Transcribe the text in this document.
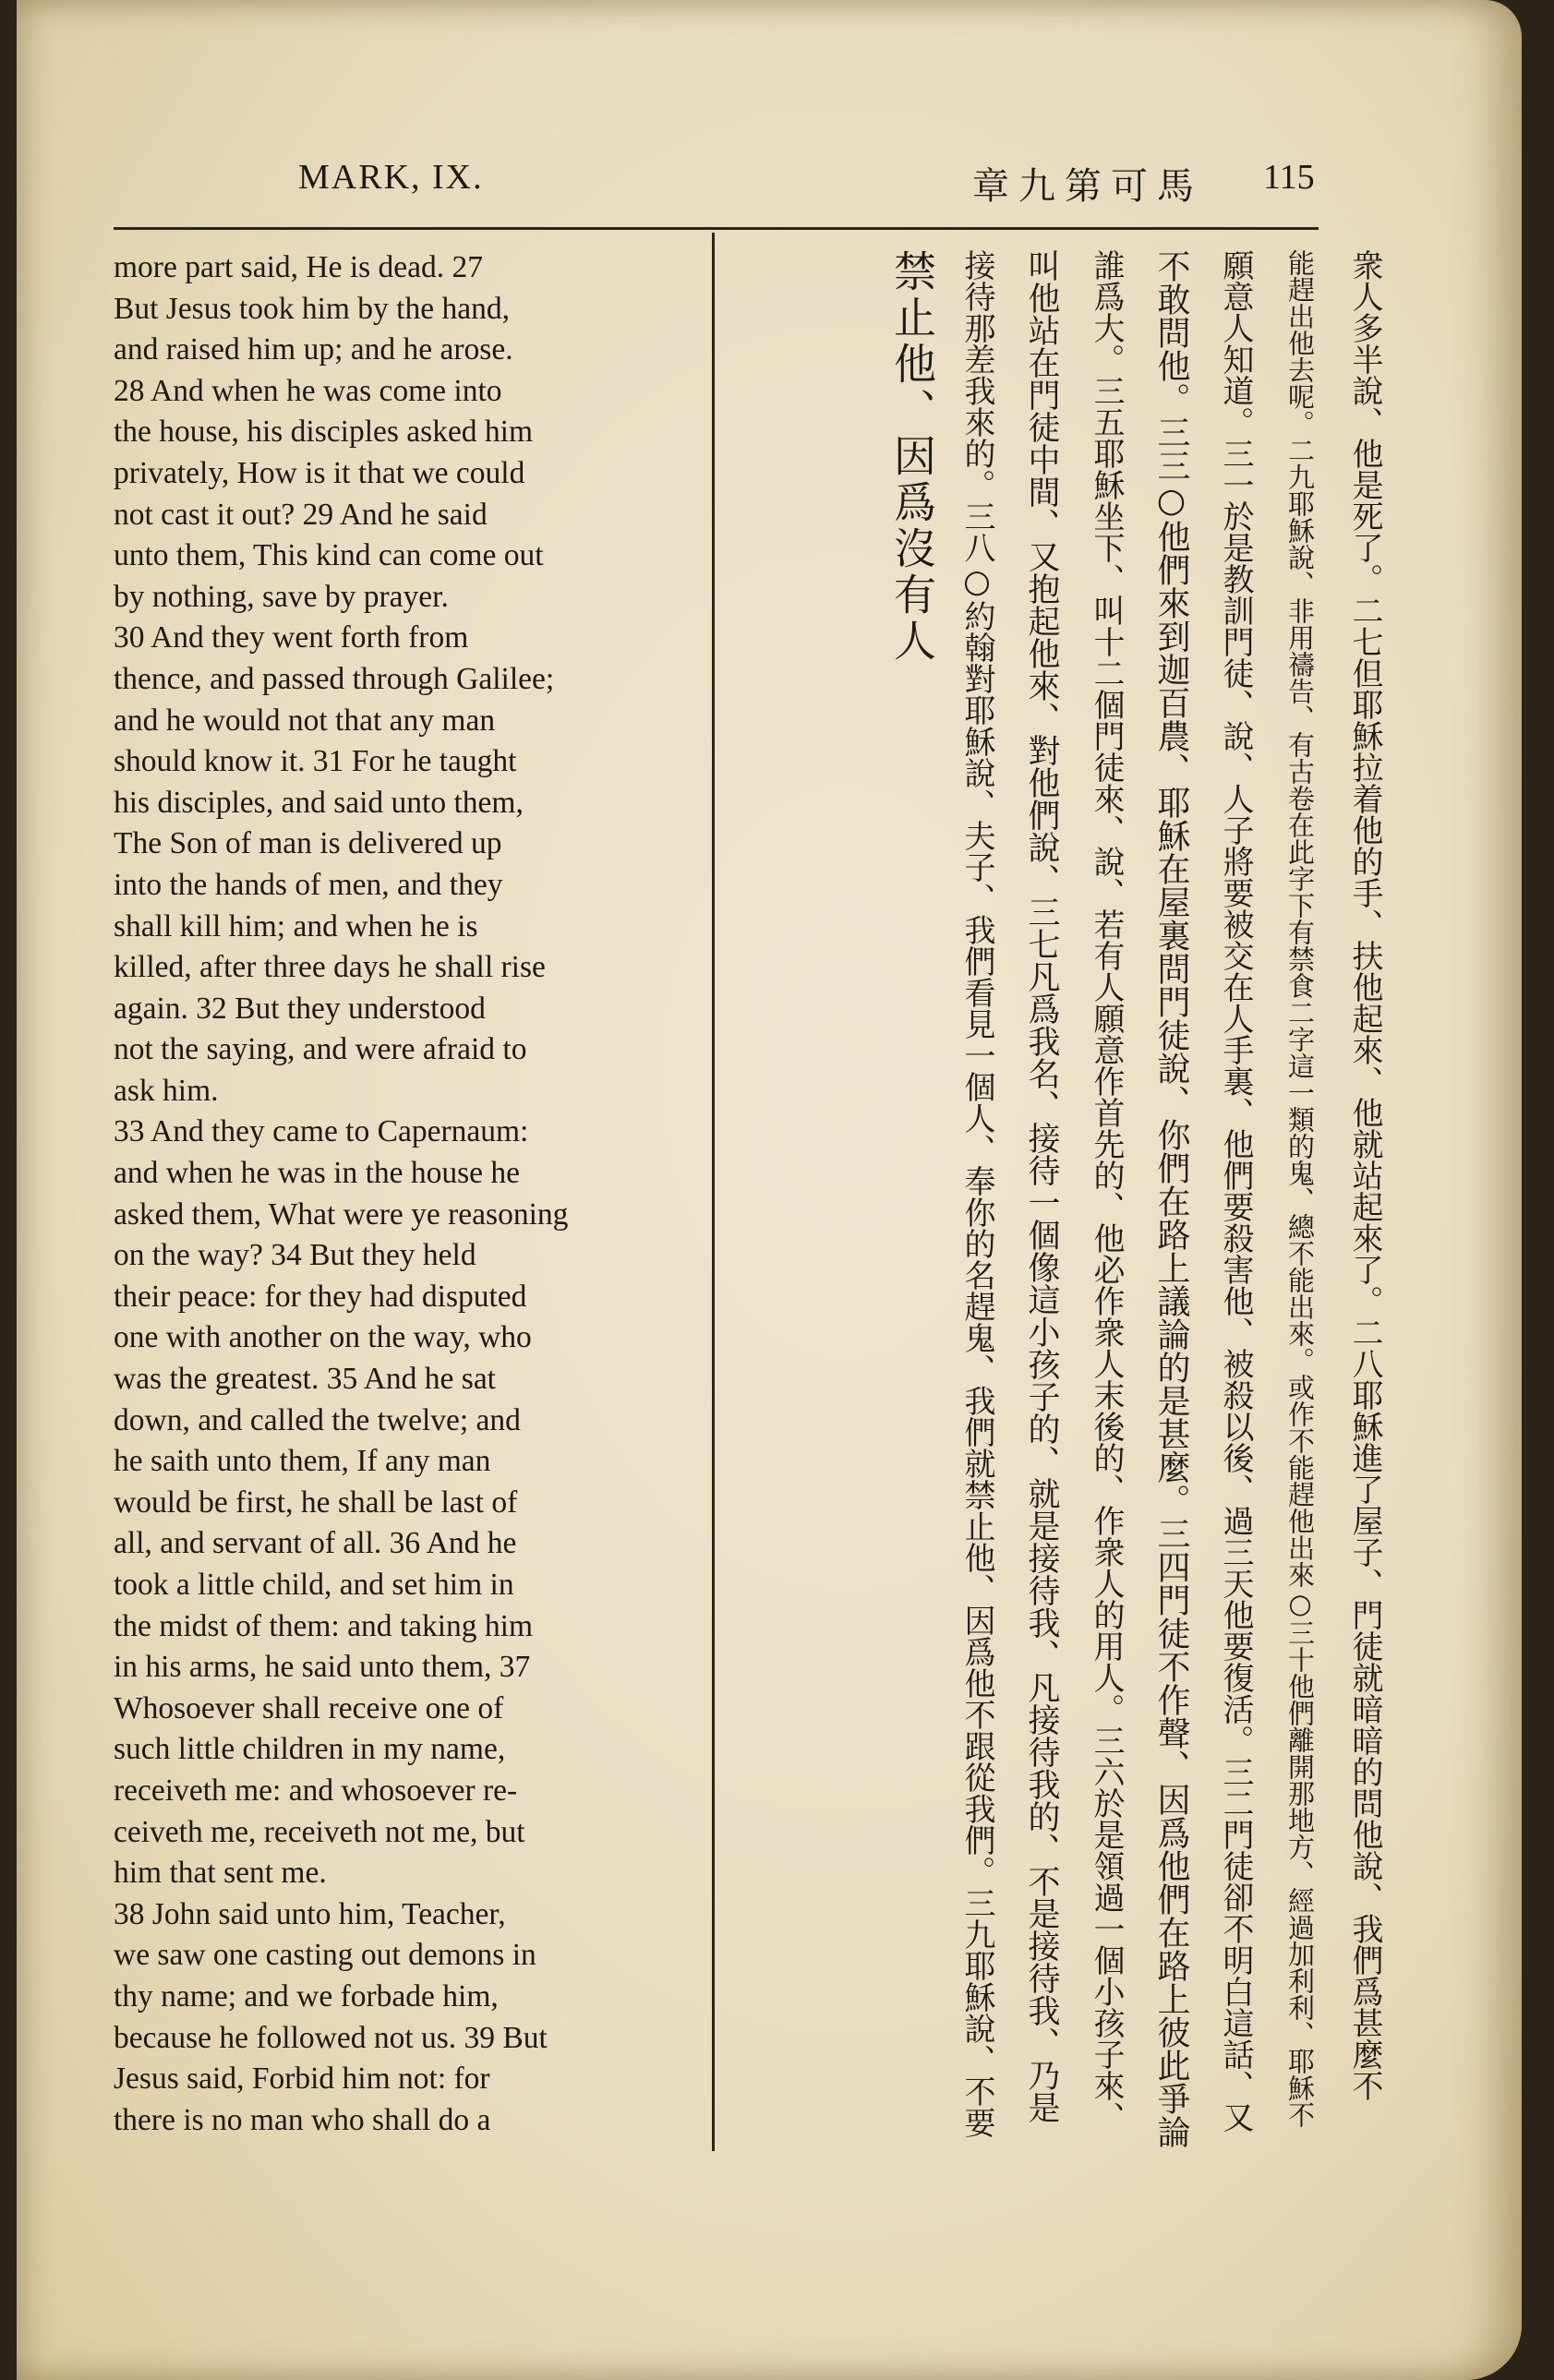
MARK, IX.	章九第可馬 115

more part said, He is dead. 27
But Jesus took him by the hand,
and raised him up; and he arose.
28 And when he was come into
the house, his disciples asked him
privately, How is it that we could
not cast it out? 29 And he said
unto them, This kind can come out
by nothing, save by prayer.

30 And they went forth from
thence, and passed through Galilee;
and he would not that any man
should know it. 31 For he taught
his disciples, and said unto them,
The Son of man is delivered up
into the hands of men, and they
shall kill him; and when he is
killed, after three days he shall rise
again. 32 But they understood
not the saying, and were afraid to
ask him.

33 And they came to Capernaum:
and when he was in the house he
asked them, What were ye reasoning
on the way? 34 But they held
their peace: for they had disputed
one with another on the way, who
was the greatest. 35 And he sat
down, and called the twelve; and
he saith unto them, If any man
would be first, he shall be last of
all, and servant of all. 36 And he
took a little child, and set him in
the midst of them: and taking him
in his arms, he said unto them, 37
Whosoever shall receive one of
such little children in my name,
receiveth me: and whosoever re-
ceiveth me, receiveth not me, but
him that sent me.

38 John said unto him, Teacher,
we saw one casting out demons in
thy name; and we forbade him,
because he followed not us. 39 But
Jesus said, Forbid him not: for
there is no man who shall do a

衆人多半說、他是死了。二七但耶穌拉着他的手、扶他起來、他就站起來了。二八耶穌進了屋子、門徒就暗暗的問他說、我們爲甚麼不
能趕出他去呢。二九耶穌說、非用禱告、有古卷在此字下有禁食二字這一類的鬼、總不能出來。或作不能趕他出來○三十他們離開那地方、經過加利利、耶穌不
願意人知道。三一於是教訓門徒、說、人子將要被交在人手裏、他們要殺害他、被殺以後、過三天他要復活。三二門徒卻不明白這話、又
不敢問他。三三○他們來到迦百農、耶穌在屋裏問門徒說、你們在路上議論的是甚麼。三四門徒不作聲、因爲他們在路上彼此爭論
誰爲大。三五耶穌坐下、叫十二個門徒來、說、若有人願意作首先的、他必作衆人末後的、作衆人的用人。三六於是領過一個小孩子來、
叫他站在門徒中間、又抱起他來、對他們說、三七凡爲我名、接待一個像這小孩子的、就是接待我、凡接待我的、不是接待我、乃是
接待那差我來的。三八○約翰對耶穌說、夫子、我們看見一個人、奉你的名趕鬼、我們就禁止他、因爲他不跟從我們。三九耶穌說、不要
禁止他、因爲沒有人
